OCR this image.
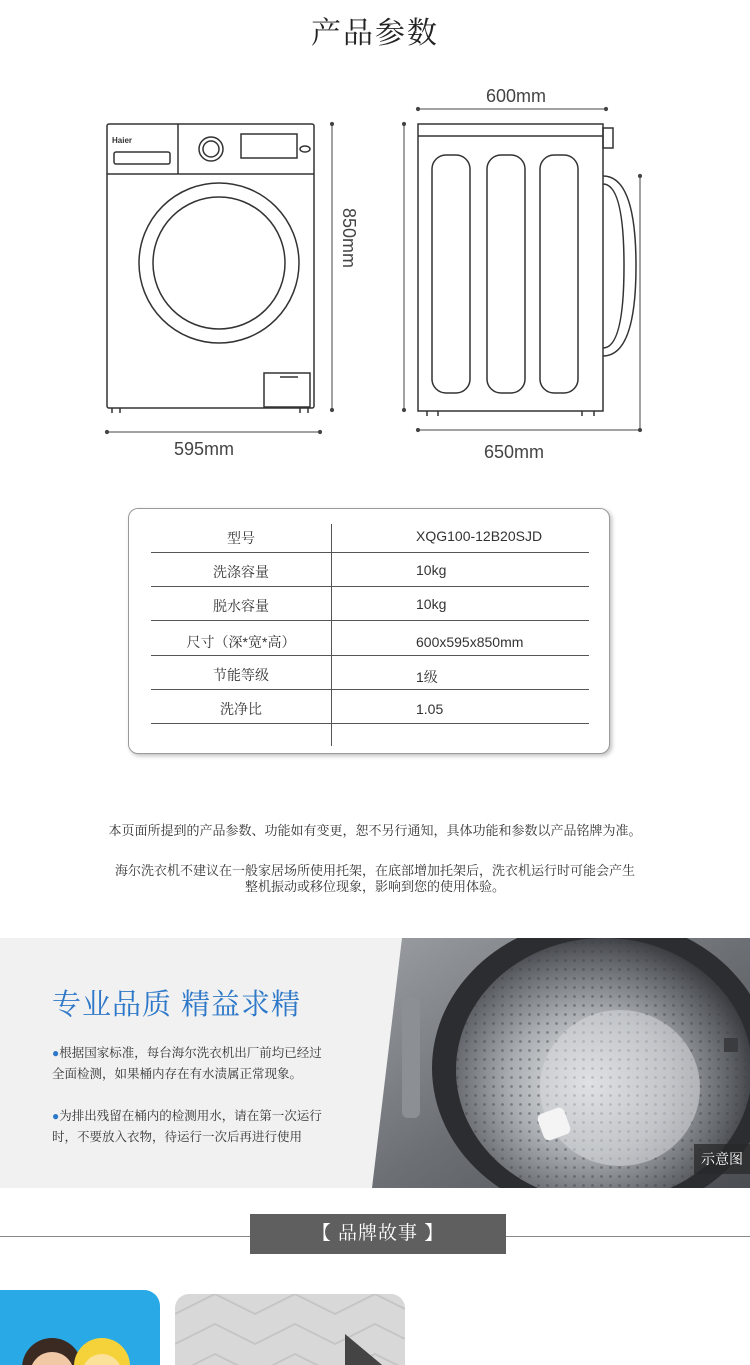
产品参数
Haier
595mm
850mm
600mm
650mm
型号	XQG100-12B20SJD
洗涤容量	10kg
脱水容量	10kg
尺寸（深*宽*高）	600x595x850mm
节能等级	1级
洗净比	1.05
本页面所提到的产品参数、功能如有变更，恕不另行通知，具体功能和参数以产品铭牌为准。
海尔洗衣机不建议在一般家居场所使用托架，在底部增加托架后，洗衣机运行时可能会产生
整机振动或移位现象，影响到您的使用体验。
专业品质 精益求精
●根据国家标准，每台海尔洗衣机出厂前均已经过
全面检测，如果桶内存在有水渍属正常现象。
●为排出残留在桶内的检测用水，请在第一次运行
时，不要放入衣物，待运行一次后再进行使用
示意图
【 品牌故事 】
